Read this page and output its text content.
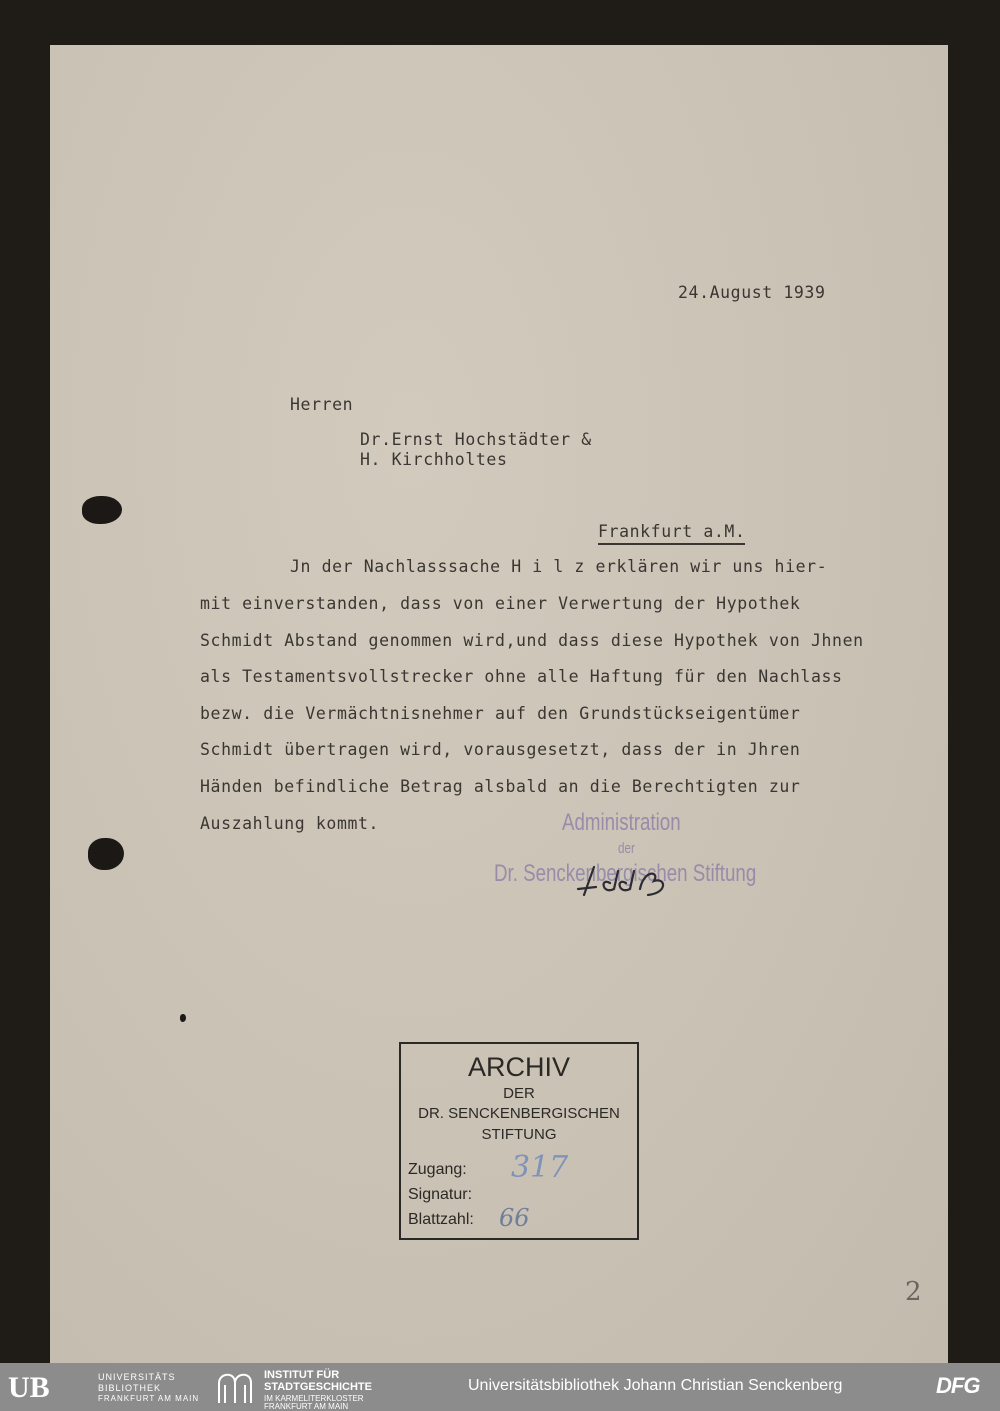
24.August 1939
Herren
Dr.Ernst Hochstädter &
H. Kirchholtes
Frankfurt a.M.
Jn der Nachlasssache H i l z erklären wir uns hier-
mit einverstanden, dass von einer Verwertung der Hypothek
Schmidt Abstand genommen wird,und dass diese Hypothek von Jhnen
als Testamentsvollstrecker ohne alle Haftung für den Nachlass
bezw. die Vermächtnisnehmer auf den Grundstückseigentümer
Schmidt übertragen wird, vorausgesetzt, dass der in Jhren
Händen befindliche Betrag alsbald an die Berechtigten zur
Auszahlung kommt.	Administration
der
Dr. Senckenbergischen Stiftung
ARCHIV
DER
DR. SENCKENBERGISCHEN
STIFTUNG
Zugang: 317
Signatur:
Blattzahl: 66
2
UB	UNIVERSITÄTS
BIBLIOTHEK
FRANKFURT AM MAIN
INSTITUT FÜR
STADTGESCHICHTE
IM KARMELITERKLOSTER
FRANKFURT AM MAIN
Universitätsbibliothek Johann Christian Senckenberg	DFG
